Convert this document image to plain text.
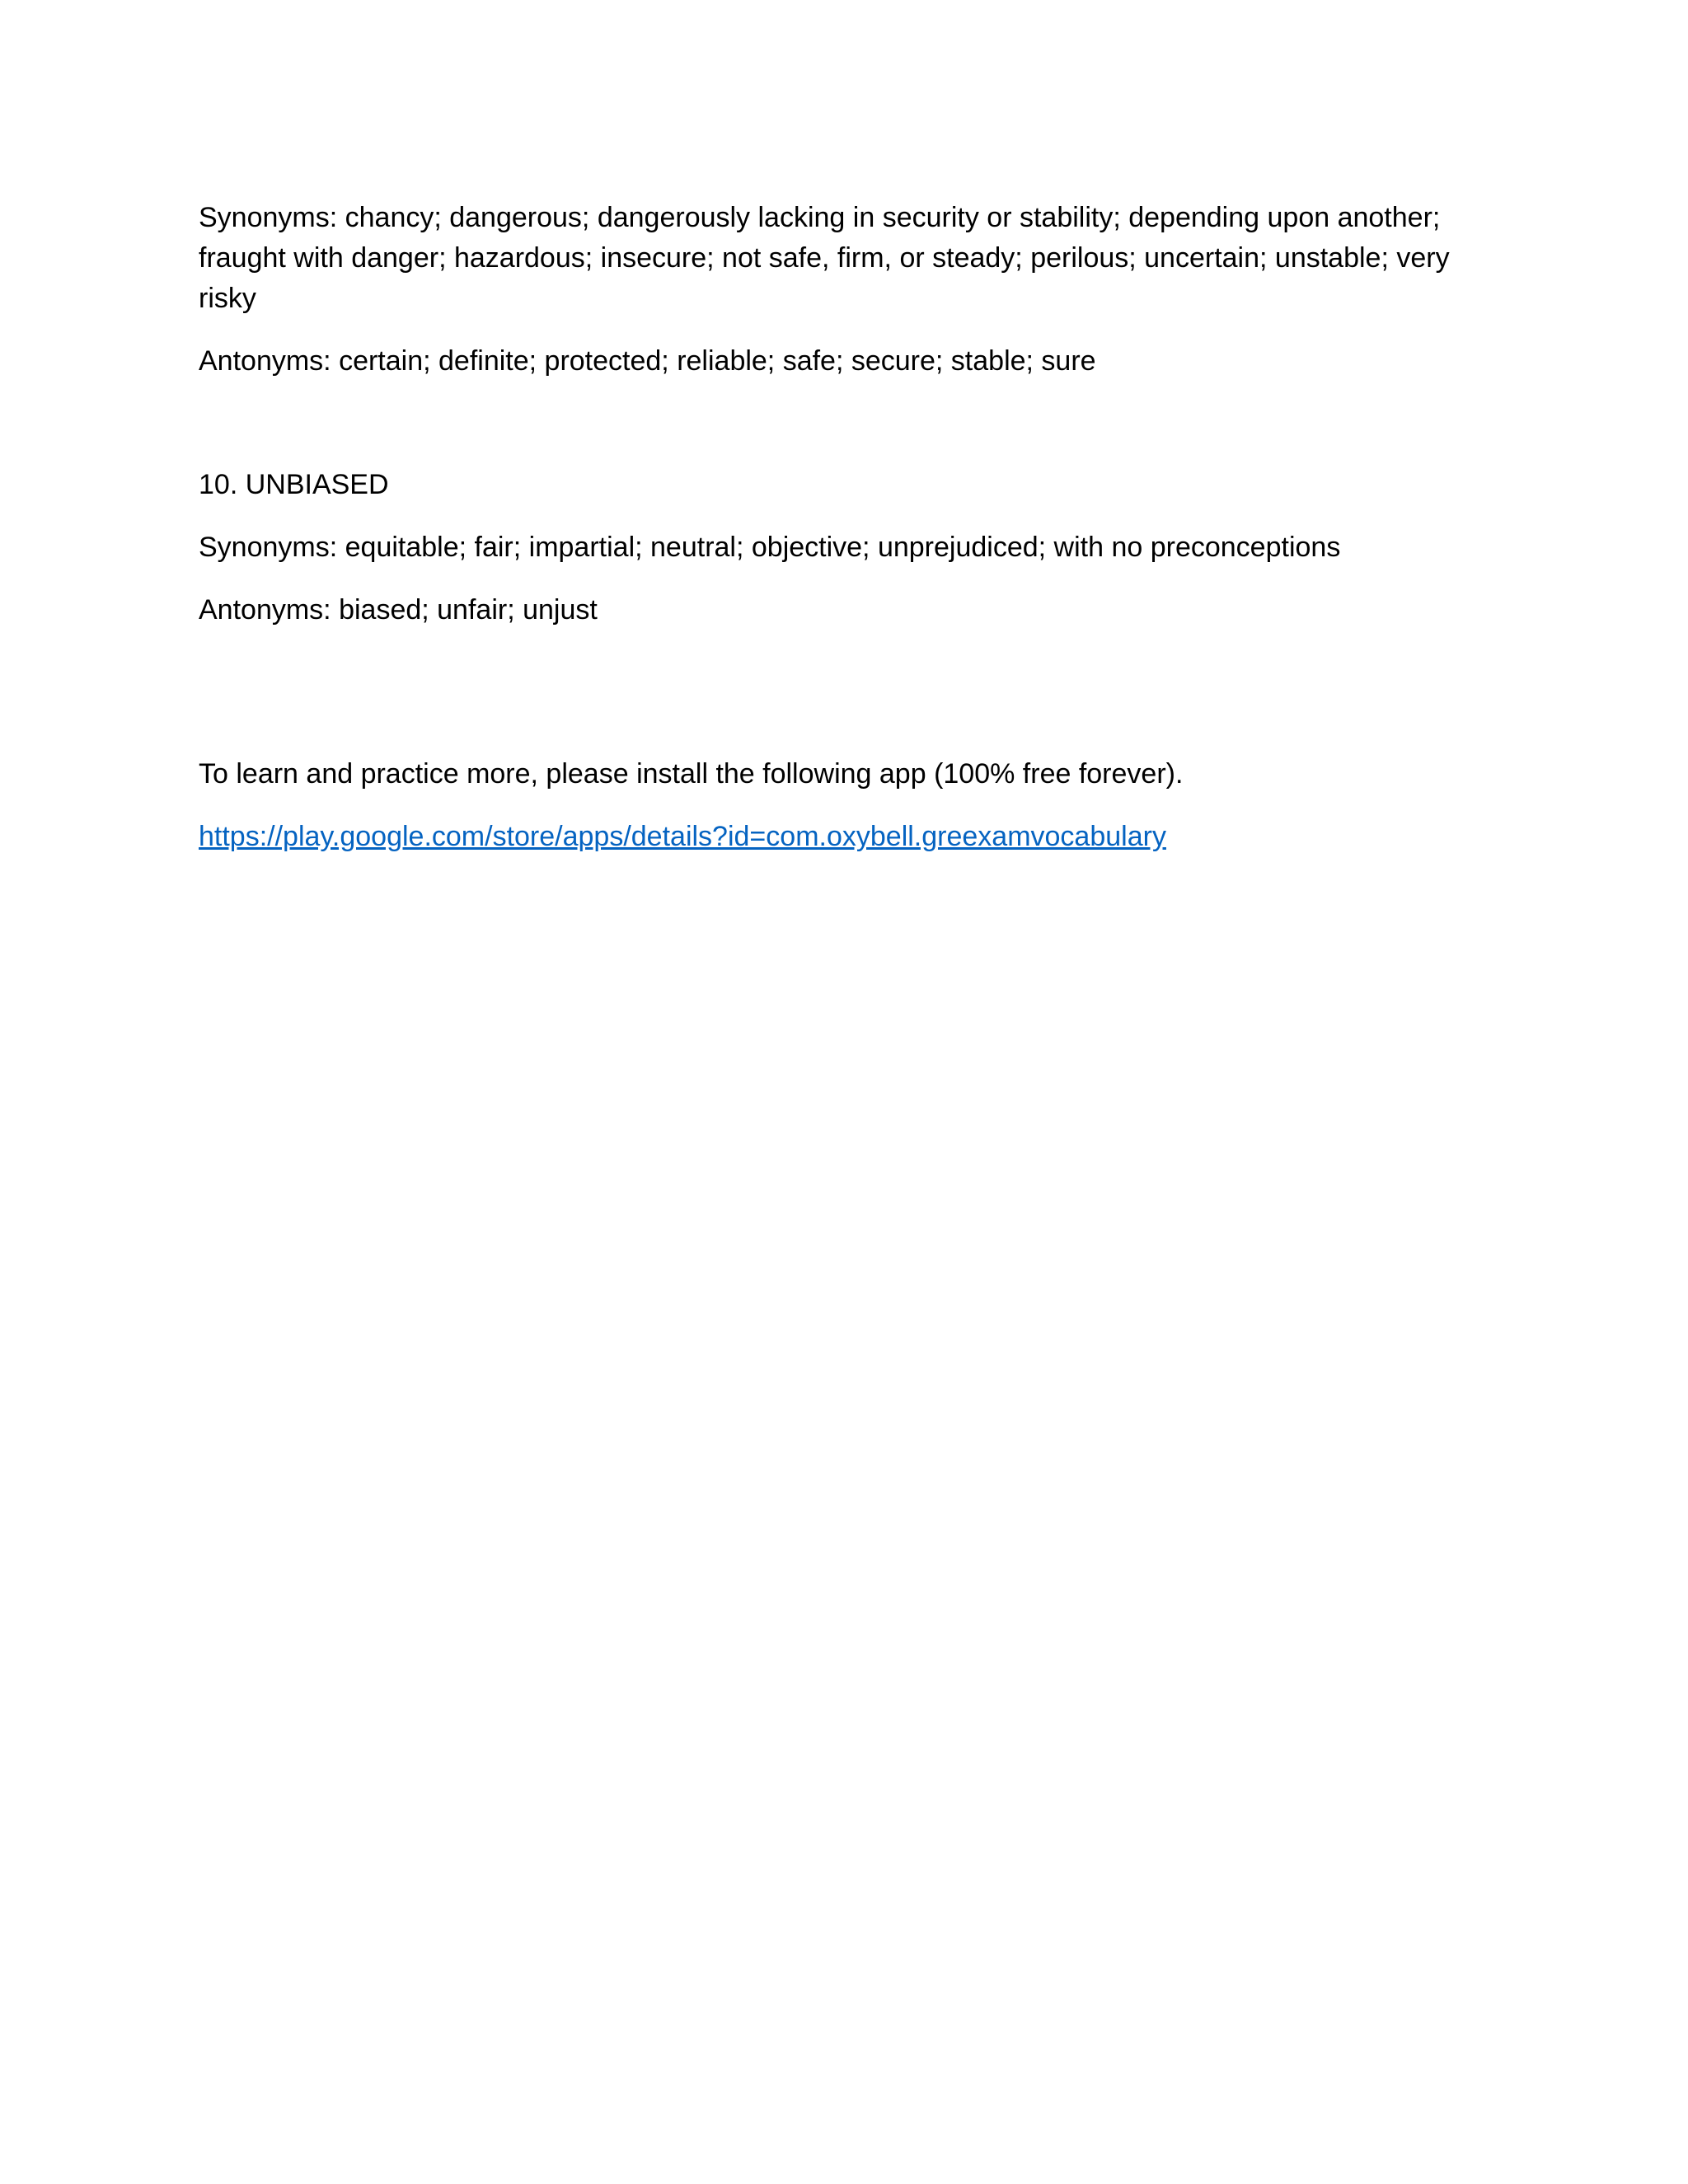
Synonyms: chancy; dangerous; dangerously lacking in security or stability; depending upon another; fraught with danger; hazardous; insecure; not safe, firm, or steady; perilous; uncertain; unstable; very risky

Antonyms: certain; definite; protected; reliable; safe; secure; stable; sure

10. UNBIASED

Synonyms: equitable; fair; impartial; neutral; objective; unprejudiced; with no preconceptions

Antonyms: biased; unfair; unjust

To learn and practice more, please install the following app (100% free forever).

https://play.google.com/store/apps/details?id=com.oxybell.greexamvocabulary
